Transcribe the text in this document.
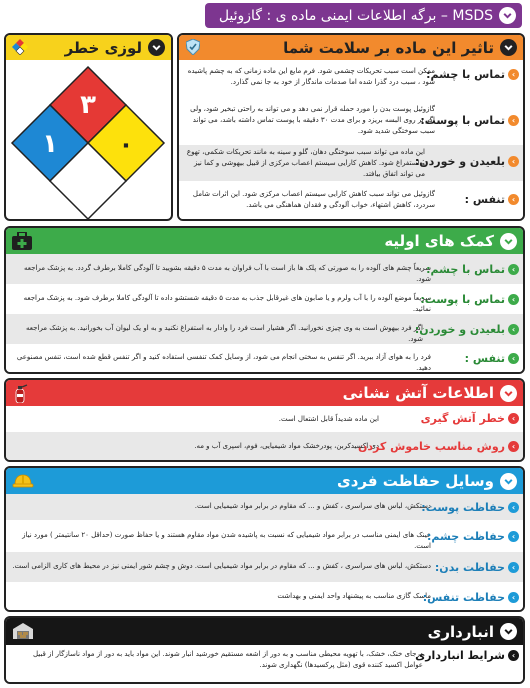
MSDS – برگه اطلاعات ایمنی ماده ی : گازوئیل
لوزی خطر
۳
۱	۰
تاثیر این ماده بر سلامت شما
ممکن است سبب تحریکات چشمی شود. فرم مایع این ماده زمانی که به چشم پاشیده شود ، سبب درد گذرا شده اما صدمات ماندگار از خود به جا نمی گذارد.
›
تماس با چشم:
گازوئیل پوست بدن را مورد حمله قرار نمی دهد و می تواند به راحتی تبخیر شود، ولی اگر بر روی البسه بریزد و برای مدت ۳۰ دقیقه با پوست تماس داشته باشد، می تواند سبب سوختگی شدید شود.
›
تماس با پوست:
این ماده می تواند سبب سوختگی دهان، گلو و سینه به مانند تحریکات شکمی، تهوع و استفراغ شود. کاهش کارایی سیستم اعصاب مرکزی از قبیل بیهوشی و کما نیز می تواند اتفاق بیافتد.
›
بلعیدن و خوردن:
گازوئیل می تواند سبب کاهش کارایی سیستم اعصاب مرکزی شود. این اثرات شامل سردرد، کاهش اشتهاء، خواب آلودگی و فقدان هماهنگی می باشد.
›
تنفس :
کمک های اولیه
سریعاً چشم های آلوده را به صورتی که پلک ها باز است با آب فراوان به مدت ۵ دقیقه بشویید تا آلودگی کاملا برطرف گردد. به پزشک مراجعه شود.
›
تماس با چشم:
سریعاً موضع آلوده را با آب ولرم و یا صابون های غیرقابل جذب به مدت ۵ دقیقه شستشو داده تا آلودگی کاملا برطرف شود. به پزشک مراجعه نمائید.
›
تماس با پوست:
اگر فرد بیهوش است به وی چیزی نخورانید. اگر هشیار است فرد را وادار به استفراغ نکنید و به او یک لیوان آب بخورانید. به پزشک مراجعه شود.
›
بلعیدن و خوردن:
فرد را به هوای آزاد ببرید. اگر تنفس به سختی انجام می شود، از وسایل کمک تنفسی استفاده کنید و اگر تنفس قطع شده است، تنفس مصنوعی دهید.
›
تنفس :
اطلاعات آتش نشانی
این ماده شدیداً قابل اشتعال است.	›
خطر آتش گیری
دی اکسیدکربن، پودرخشک مواد شیمیایی، فوم، اسپری آب و مه.	›
روش مناسب خاموش کردن
وسایل حفاظت فردی
دستکش، لباس های سراسری ، کفش و ... که مقاوم در برابر مواد شیمیایی است.	›
حفاظت پوست:
عینک های ایمنی مناسب در برابر مواد شیمیایی که نسبت به پاشیده شدن مواد مقاوم هستند و یا حفاظ صورت (حداقل ۲۰ سانتیمتر ) مورد نیاز است.
›
حفاظت چشم:
دستکش، لباس های سراسری ، کفش و ... که مقاوم در برابر مواد شیمیایی است. دوش و چشم شور ایمنی نیز در محیط های کاری الزامی است.	›
حفاظت بدن:
ماسک گازی مناسب به پیشنهاد واحد ایمنی و بهداشت	›
حفاظت تنفس:
انبارداری
درجای خنک، خشک، با تهویه محیطی مناسب و به دور از اشعه مستقیم خورشید انبار شوند. این مواد باید به دور از مواد ناسازگار از قبیل عوامل اکسید کننده قوی (مثل پرکسیدها) نگهداری شوند.
›
شرایط انبارداری
